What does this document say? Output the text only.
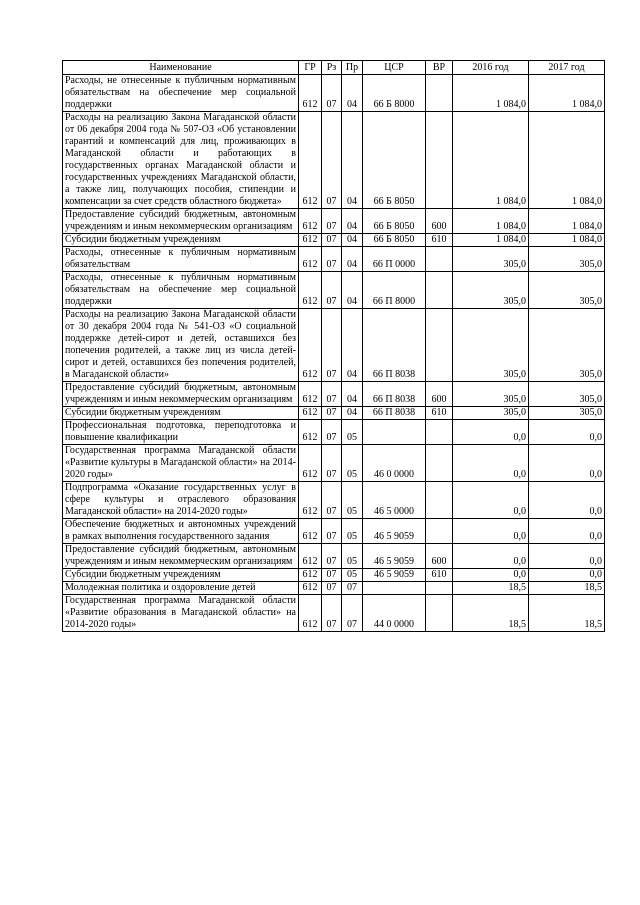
Наименование	ГР	Рз	Пр	ЦСР	ВР	2016 год	2017 год
Расходы, не отнесенные к публичным нормативным обязательствам на обеспечение мер социальной поддержки	612	07	04	66 Б 8000		1 084,0	1 084,0
Расходы на реализацию Закона Магаданской области от 06 декабря 2004 года № 507-ОЗ «Об установлении гарантий и компенсаций для лиц, проживающих в Магаданской области и работающих в государственных органах Магаданской области и государственных учреждениях Магаданской области, а также лиц, получающих пособия, стипендии и компенсации за счет средств областного бюджета»	612	07	04	66 Б 8050		1 084,0	1 084,0
Предоставление субсидий бюджетным, автономным учреждениям и иным некоммерческим организациям	612	07	04	66 Б 8050	600	1 084,0	1 084,0
Субсидии бюджетным учреждениям	612	07	04	66 Б 8050	610	1 084,0	1 084,0
Расходы, отнесенные к публичным нормативным обязательствам	612	07	04	66 П 0000		305,0	305,0
Расходы, отнесенные к публичным нормативным обязательствам на обеспечение мер социальной поддержки	612	07	04	66 П 8000		305,0	305,0
Расходы на реализацию Закона Магаданской области от 30 декабря 2004 года № 541-ОЗ «О социальной поддержке детей-сирот и детей, оставшихся без попечения родителей, а также лиц из числа детей-сирот и детей, оставшихся без попечения родителей, в Магаданской области»	612	07	04	66 П 8038		305,0	305,0
Предоставление субсидий бюджетным, автономным учреждениям и иным некоммерческим организациям	612	07	04	66 П 8038	600	305,0	305,0
Субсидии бюджетным учреждениям	612	07	04	66 П 8038	610	305,0	305,0
Профессиональная подготовка, переподготовка и повышение квалификации	612	07	05			0,0	0,0
Государственная программа Магаданской области «Развитие культуры в Магаданской области» на 2014-2020 годы»	612	07	05	46 0 0000		0,0	0,0
Подпрограмма «Оказание государственных услуг в сфере культуры и отраслевого образования Магаданской области» на 2014-2020 годы»	612	07	05	46 5 0000		0,0	0,0
Обеспечение бюджетных и автономных учреждений в рамках выполнения государственного задания	612	07	05	46 5 9059		0,0	0,0
Предоставление субсидий бюджетным, автономным учреждениям и иным некоммерческим организациям	612	07	05	46 5 9059	600	0,0	0,0
Субсидии бюджетным учреждениям	612	07	05	46 5 9059	610	0,0	0,0
Молодежная политика и оздоровление детей	612	07	07			18,5	18,5
Государственная программа Магаданской области «Развитие образования в Магаданской области» на 2014-2020 годы»	612	07	07	44 0 0000		18,5	18,5
